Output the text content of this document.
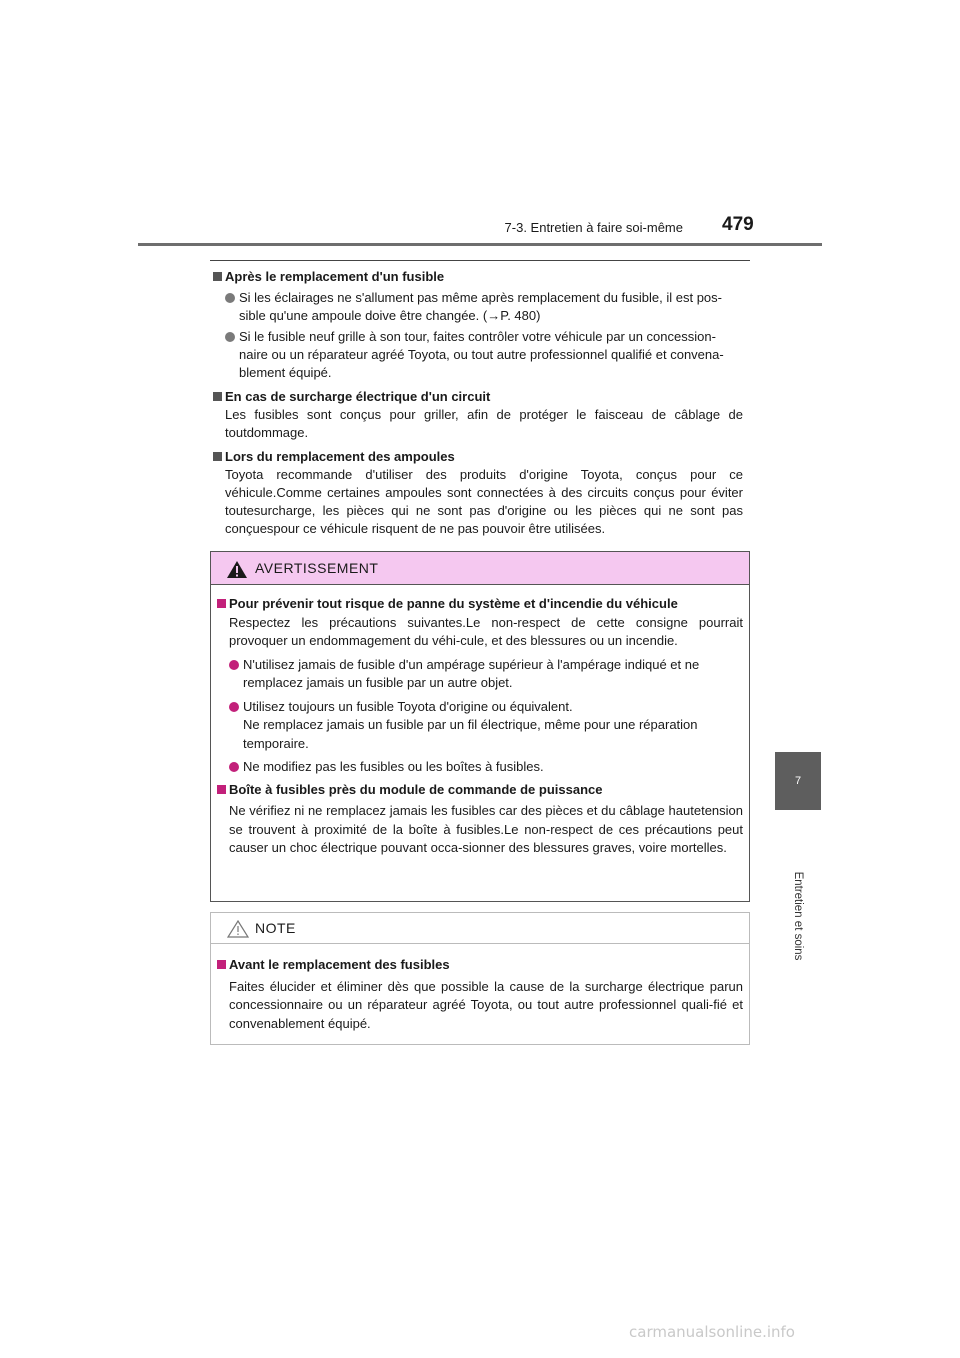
7-3. Entretien à faire soi-même 479
7
Entretien et soins
Après le remplacement d'un fusible
Si les éclairages ne s'allument pas même après remplacement du fusible, il est pos-
sible qu'une ampoule doive être changée. (→P. 480)
Si le fusible neuf grille à son tour, faites contrôler votre véhicule par un concession-
naire ou un réparateur agréé Toyota, ou tout autre professionnel qualifié et convena-
blement équipé.
En cas de surcharge électrique d'un circuit
Les fusibles sont conçus pour griller, afin de protéger le faisceau de câblage de toutdommage.
Lors du remplacement des ampoules
Toyota recommande d'utiliser des produits d'origine Toyota, conçus pour ce véhicule.Comme certaines ampoules sont connectées à des circuits conçus pour éviter toutesurcharge, les pièces qui ne sont pas d'origine ou les pièces qui ne sont pas conçuespour ce véhicule risquent de ne pas pouvoir être utilisées.
AVERTISSEMENT
Pour prévenir tout risque de panne du système et d'incendie du véhicule
Respectez les précautions suivantes.Le non-respect de cette consigne pourrait provoquer un endommagement du véhi-cule, et des blessures ou un incendie.
N'utilisez jamais de fusible d'un ampérage supérieur à l'ampérage indiqué et ne
remplacez jamais un fusible par un autre objet.
Utilisez toujours un fusible Toyota d'origine ou équivalent.
Ne remplacez jamais un fusible par un fil électrique, même pour une réparation
temporaire.
Ne modifiez pas les fusibles ou les boîtes à fusibles.
Boîte à fusibles près du module de commande de puissance
Ne vérifiez ni ne remplacez jamais les fusibles car des pièces et du câblage hautetension se trouvent à proximité de la boîte à fusibles.Le non-respect de ces précautions peut causer un choc électrique pouvant occa-sionner des blessures graves, voire mortelles.
NOTE
Avant le remplacement des fusibles
Faites élucider et éliminer dès que possible la cause de la surcharge électrique parun concessionnaire ou un réparateur agréé Toyota, ou tout autre professionnel quali-fié et convenablement équipé.
carmanualsonline.info
